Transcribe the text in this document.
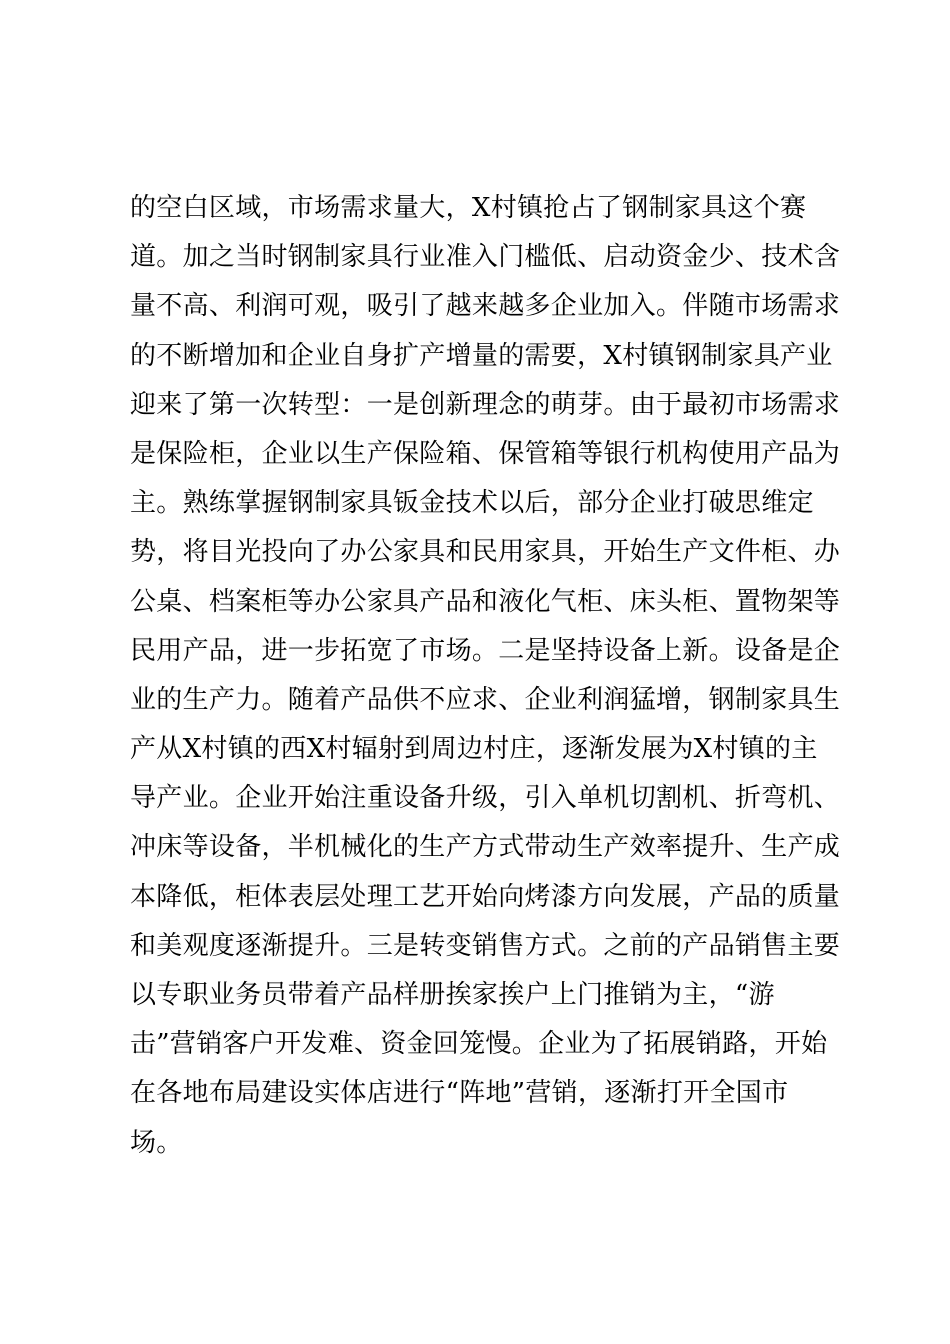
的空白区域，市场需求量大，X村镇抢占了钢制家具这个赛
道。加之当时钢制家具行业准入门槛低、启动资金少、技术含
量不高、利润可观，吸引了越来越多企业加入。伴随市场需求
的不断增加和企业自身扩产增量的需要，X村镇钢制家具产业
迎来了第一次转型：一是创新理念的萌芽。由于最初市场需求
是保险柜，企业以生产保险箱、保管箱等银行机构使用产品为
主。熟练掌握钢制家具钣金技术以后，部分企业打破思维定
势，将目光投向了办公家具和民用家具，开始生产文件柜、办
公桌、档案柜等办公家具产品和液化气柜、床头柜、置物架等
民用产品，进一步拓宽了市场。二是坚持设备上新。设备是企
业的生产力。随着产品供不应求、企业利润猛增，钢制家具生
产从X村镇的西X村辐射到周边村庄，逐渐发展为X村镇的主
导产业。企业开始注重设备升级，引入单机切割机、折弯机、
冲床等设备，半机械化的生产方式带动生产效率提升、生产成
本降低，柜体表层处理工艺开始向烤漆方向发展，产品的质量
和美观度逐渐提升。三是转变销售方式。之前的产品销售主要
以专职业务员带着产品样册挨家挨户上门推销为主，“游
击”营销客户开发难、资金回笼慢。企业为了拓展销路，开始
在各地布局建设实体店进行“阵地”营销，逐渐打开全国市
场。
